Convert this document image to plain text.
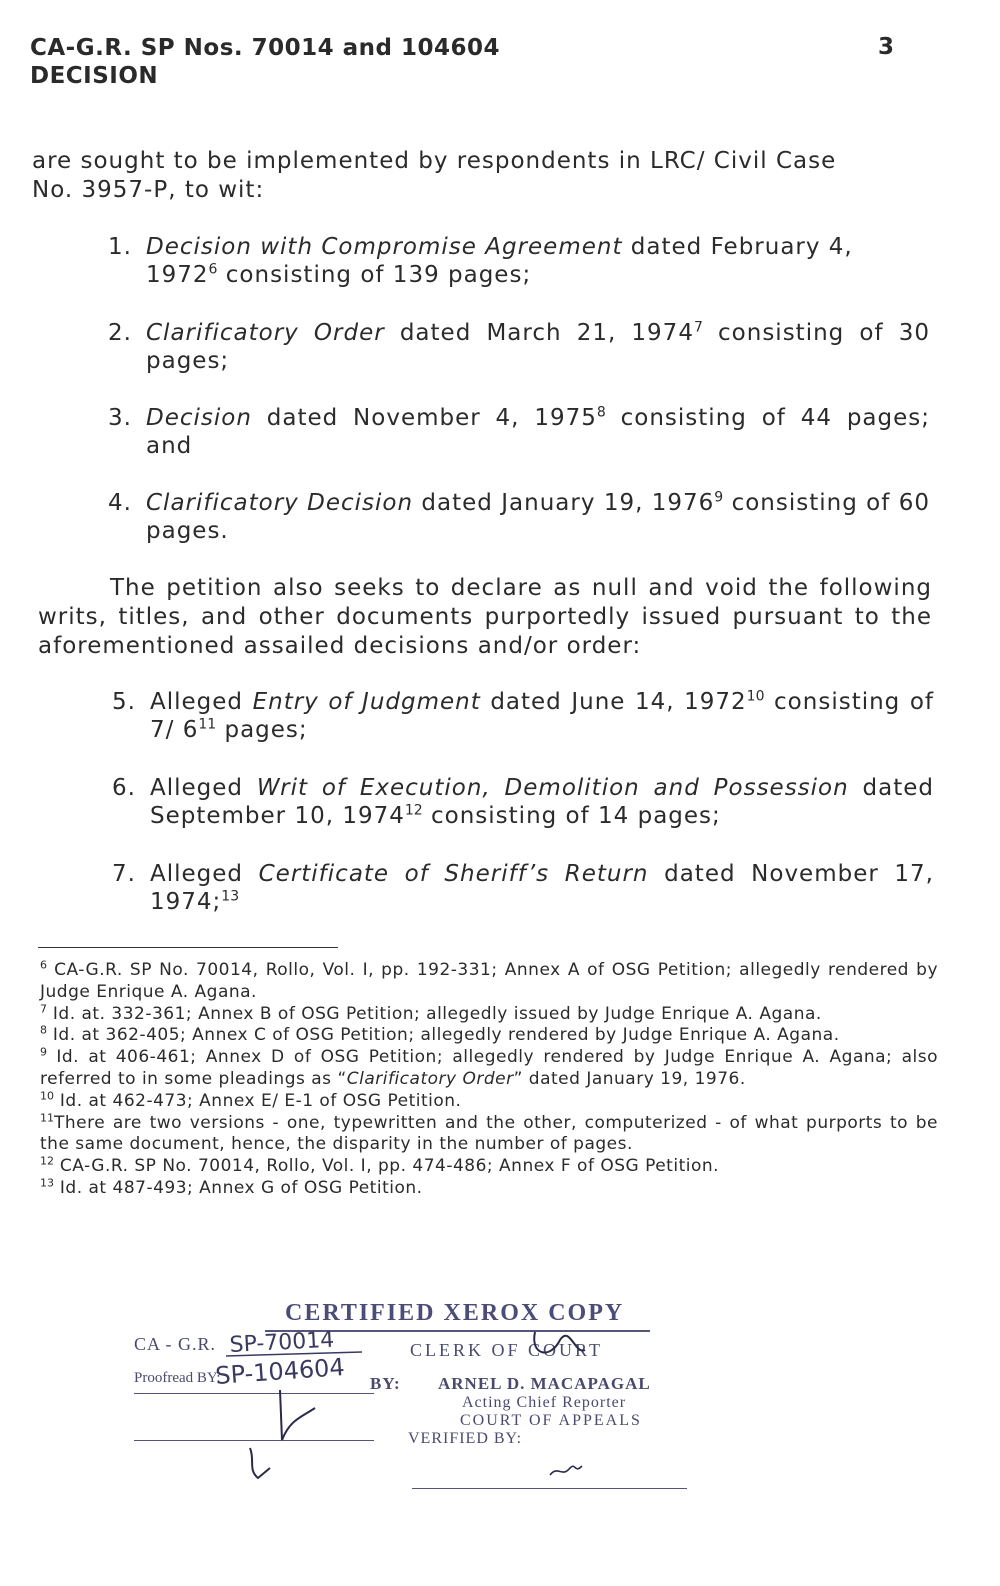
CA-G.R. SP Nos. 70014 and 104604
DECISION
3
are sought to be implemented by respondents in LRC/ Civil Case
No. 3957-P, to wit:
1. Decision with Compromise Agreement dated February 4,
1972$^6$ consisting of 139 pages;
2. Clarificatory Order dated March 21, 1974$^7$ consisting of 30 pages;
3. Decision dated November 4, 1975$^8$ consisting of 44 pages; and
4. Clarificatory Decision dated January 19, 1976$^9$ consisting of 60 pages.
The petition also seeks to declare as null and void the following writs, titles, and other documents purportedly issued pursuant to the aforementioned assailed decisions and/or order:
5. Alleged Entry of Judgment dated June 14, 1972$^{10}$ consisting of 7/ $6^{11}$ pages;
6. Alleged Writ of Execution, Demolition and Possession dated September 10, 1974$^{12}$ consisting of 14 pages;
7. Alleged Certificate of Sheriff’s Return dated November 17, 1974;$^{13}$

$^6$ CA-G.R. SP No. 70014, Rollo, Vol. I, pp. 192-331; Annex A of OSG Petition; allegedly rendered by Judge Enrique A. Agana.

$^7$ Id. at. 332-361; Annex B of OSG Petition; allegedly issued by Judge Enrique A. Agana.

$^8$ Id. at 362-405; Annex C of OSG Petition; allegedly rendered by Judge Enrique A. Agana.

$^9$ Id. at 406-461; Annex D of OSG Petition; allegedly rendered by Judge Enrique A. Agana; also referred to in some pleadings as “Clarificatory Order” dated January 19, 1976.

$^{10}$ Id. at 462-473; Annex E/ E-1 of OSG Petition.

$^{11}$There are two versions - one, typewritten and the other, computerized - of what purports to be the same document, hence, the disparity in the number of pages.

$^{12}$ CA-G.R. SP No. 70014, Rollo, Vol. I, pp. 474-486; Annex F of OSG Petition.

$^{13}$ Id. at 487-493; Annex G of OSG Petition.

CERTIFIED XEROX COPY
CA - G.R.	CLERK OF COURT
Proofread BY:	BY: ARNEL D. MACAPAGAL
Acting Chief Reporter
COURT OF APPEALS
VERIFIED BY:
SP-70014
SP-104604
